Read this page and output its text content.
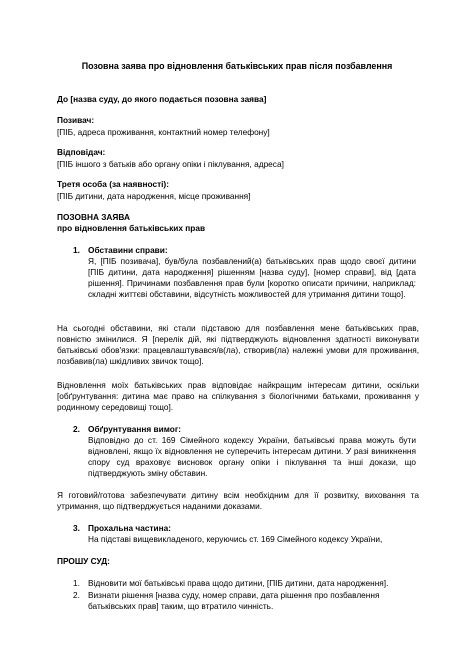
Позовна заява про відновлення батьківських прав після позбавлення
До [назва суду, до якого подається позовна заява]
Позивач:
[ПІБ, адреса проживання, контактний номер телефону]
Відповідач:
[ПІБ іншого з батьків або органу опіки і піклування, адреса]
Третя особа (за наявності):
[ПІБ дитини, дата народження, місце проживання]
ПОЗОВНА ЗАЯВА
про відновлення батьківських прав
1. Обставини справи:
Я, [ПІБ позивача], був/була позбавлений(а) батьківських прав щодо своєї дитини [ПІБ дитини, дата народження] рішенням [назва суду], [номер справи], від [дата рішення]. Причинами позбавлення прав були [коротко описати причини, наприклад: складні життєві обставини, відсутність можливостей для утримання дитини тощо].
На сьогодні обставини, які стали підставою для позбавлення мене батьківських прав, повністю змінилися. Я [перелік дій, які підтверджують відновлення здатності виконувати батьківські обов'язки: працевлаштувався/в(ла), створив(ла) належні умови для проживання, позбавив(ла) шкідливих звичок тощо].
Відновлення моїх батьківських прав відповідає найкращим інтересам дитини, оскільки [обґрунтування: дитина має право на спілкування з біологічними батьками, проживання у родинному середовищі тощо].
2. Обґрунтування вимог:
Відповідно до ст. 169 Сімейного кодексу України, батьківські права можуть бути відновлені, якщо їх відновлення не суперечить інтересам дитини. У разі виникнення спору суд враховує висновок органу опіки і піклування та інші докази, що підтверджують зміну обставин.
Я готовий/готова забезпечувати дитину всім необхідним для її розвитку, виховання та утримання, що підтверджується наданими доказами.
3. Прохальна частина:
На підставі вищевикладеного, керуючись ст. 169 Сімейного кодексу України,
ПРОШУ СУД:
1. Відновити мої батьківські права щодо дитини, [ПІБ дитини, дата народження].
2. Визнати рішення [назва суду, номер справи, дата рішення про позбавлення батьківських прав] таким, що втратило чинність.
